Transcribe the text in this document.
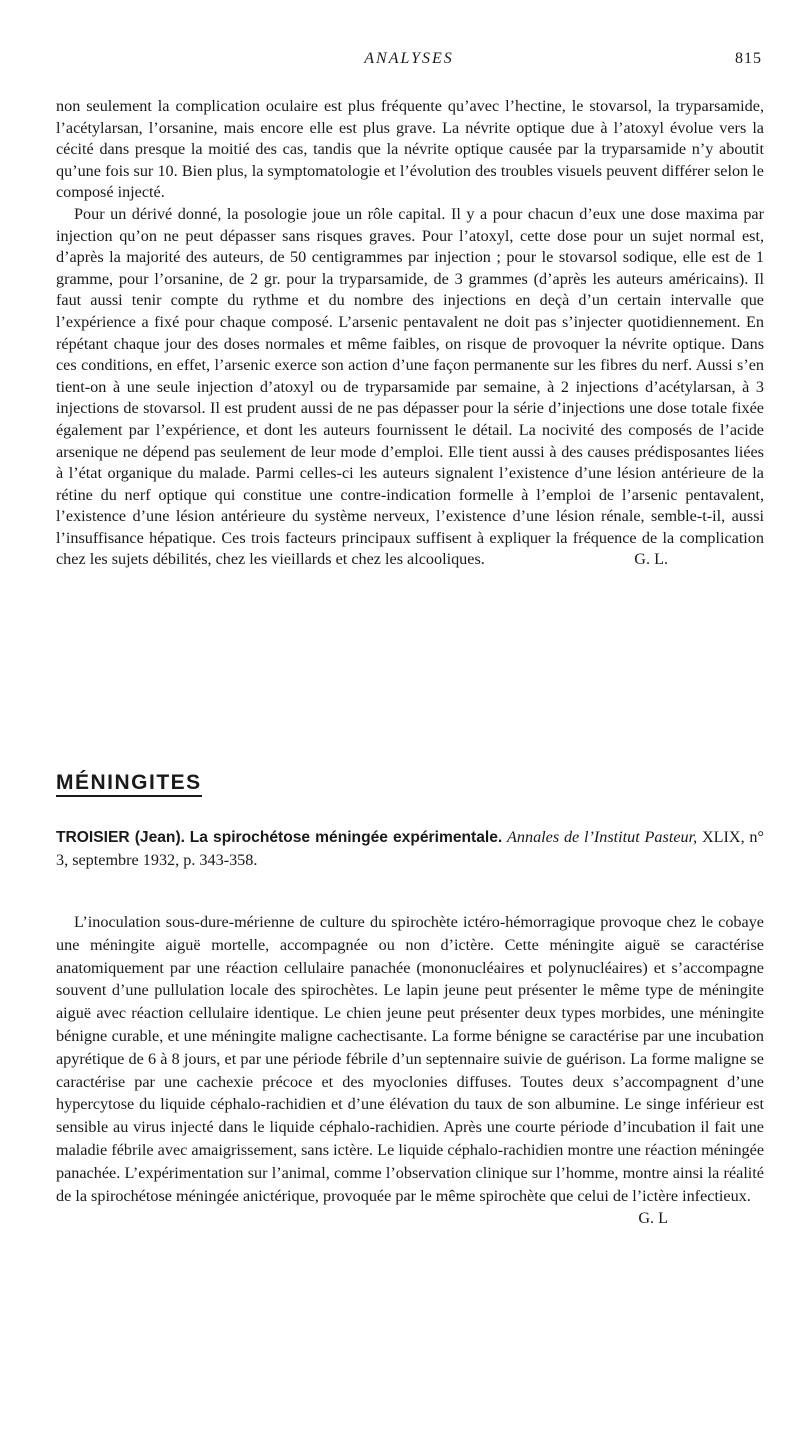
ANALYSES	815

non seulement la complication oculaire est plus fréquente qu’avec l’hectine, le stovarsol, la tryparsamide, l’acétylarsan, l’orsanine, mais encore elle est plus grave. La névrite optique due à l’atoxyl évolue vers la cécité dans presque la moitié des cas, tandis que la névrite optique causée par la tryparsamide n’y aboutit qu’une fois sur 10. Bien plus, la symptomatologie et l’évolution des troubles visuels peuvent différer selon le composé injecté.

Pour un dérivé donné, la posologie joue un rôle capital. Il y a pour chacun d’eux une dose maxima par injection qu’on ne peut dépasser sans risques graves. Pour l’atoxyl, cette dose pour un sujet normal est, d’après la majorité des auteurs, de 50 centigrammes par injection ; pour le stovarsol sodique, elle est de 1 gramme, pour l’orsanine, de 2 gr. pour la tryparsamide, de 3 grammes (d’après les auteurs américains). Il faut aussi tenir compte du rythme et du nombre des injections en deçà d’un certain intervalle que l’expérience a fixé pour chaque composé. L’arsenic pentavalent ne doit pas s’injecter quotidiennement. En répétant chaque jour des doses normales et même faibles, on risque de provoquer la névrite optique. Dans ces conditions, en effet, l’arsenic exerce son action d’une façon permanente sur les fibres du nerf. Aussi s’en tient-on à une seule injection d’atoxyl ou de tryparsamide par semaine, à 2 injections d’acétylarsan, à 3 injections de stovarsol. Il est prudent aussi de ne pas dépasser pour la série d’injections une dose totale fixée également par l’expérience, et dont les auteurs fournissent le détail. La nocivité des composés de l’acide arsenique ne dépend pas seulement de leur mode d’emploi. Elle tient aussi à des causes prédisposantes liées à l’état organique du malade. Parmi celles-ci les auteurs signalent l’existence d’une lésion antérieure de la rétine du nerf optique qui constitue une contre-indication formelle à l’emploi de l’arsenic pentavalent, l’existence d’une lésion antérieure du système nerveux, l’existence d’une lésion rénale, semble-t-il, aussi l’insuffisance hépatique. Ces trois facteurs principaux suffisent à expliquer la fréquence de la complication chez les sujets débilités, chez les vieillards et chez les alcooliques.	G. L.

MÉNINGITES
TROISIER (Jean). La spirochétose méningée expérimentale. Annales de l’Institut Pasteur, XLIX, n° 3, septembre 1932, p. 343-358.

L’inoculation sous-dure-mérienne de culture du spirochète ictéro-hémorragique provoque chez le cobaye une méningite aiguë mortelle, accompagnée ou non d’ictère. Cette méningite aiguë se caractérise anatomiquement par une réaction cellulaire panachée (mononucléaires et polynucléaires) et s’accompagne souvent d’une pullulation locale des spirochètes. Le lapin jeune peut présenter le même type de méningite aiguë avec réaction cellulaire identique. Le chien jeune peut présenter deux types morbides, une méningite bénigne curable, et une méningite maligne cachectisante. La forme bénigne se caractérise par une incubation apyrétique de 6 à 8 jours, et par une période fébrile d’un septennaire suivie de guérison. La forme maligne se caractérise par une cachexie précoce et des myoclonies diffuses. Toutes deux s’accompagnent d’une hypercytose du liquide céphalo-rachidien et d’une élévation du taux de son albumine. Le singe inférieur est sensible au virus injecté dans le liquide céphalo-rachidien. Après une courte période d’incubation il fait une maladie fébrile avec amaigrissement, sans ictère. Le liquide céphalo-rachidien montre une réaction méningée panachée. L’expérimentation sur l’animal, comme l’observation clinique sur l’homme, montre ainsi la réalité de la spirochétose méningée anictérique, provoquée par le même spirochète que celui de l’ictère infectieux.
G. L
